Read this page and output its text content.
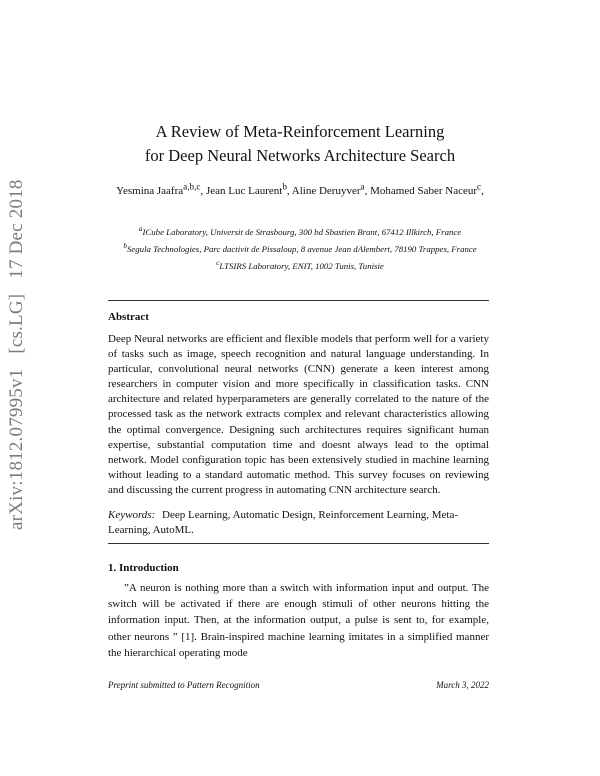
arXiv:1812.07995v1 [cs.LG] 17 Dec 2018
A Review of Meta-Reinforcement Learning
for Deep Neural Networks Architecture Search
Yesmina Jaafra$^{a,b,c}$, Jean Luc Laurent$^b$, Aline Deruyver$^a$, Mohamed Saber Naceur$^c$,
$^a$ICube Laboratory, Universit de Strasbourg, 300 bd Sbastien Brant, 67412 Illkirch, France
$^b$Segula Technologies, Parc dactivit de Pissaloup, 8 avenue Jean dAlembert, 78190 Trappes, France
$^c$LTSIRS Laboratory, ENIT, 1002 Tunis, Tunisie
Abstract
Deep Neural networks are efficient and flexible models that perform well for a variety of tasks such as image, speech recognition and natural language understanding. In particular, convolutional neural networks (CNN) generate a keen interest among researchers in computer vision and more specifically in classification tasks. CNN architecture and related hyperparameters are generally correlated to the nature of the processed task as the network extracts complex and relevant characteristics allowing the optimal convergence. Designing such architectures requires significant human expertise, substantial computation time and doesnt always lead to the optimal network. Model configuration topic has been extensively studied in machine learning without leading to a standard automatic method. This survey focuses on reviewing and discussing the current progress in automating CNN architecture search.
Keywords: Deep Learning, Automatic Design, Reinforcement Learning, Meta-Learning, AutoML.
1. Introduction
”A neuron is nothing more than a switch with information input and output. The switch will be activated if there are enough stimuli of other neurons hitting the information input. Then, at the information output, a pulse is sent to, for example, other neurons ” [1]. Brain-inspired machine learning imitates in a simplified manner the hierarchical operating mode
Preprint submitted to Pattern Recognition	March 3, 2022
